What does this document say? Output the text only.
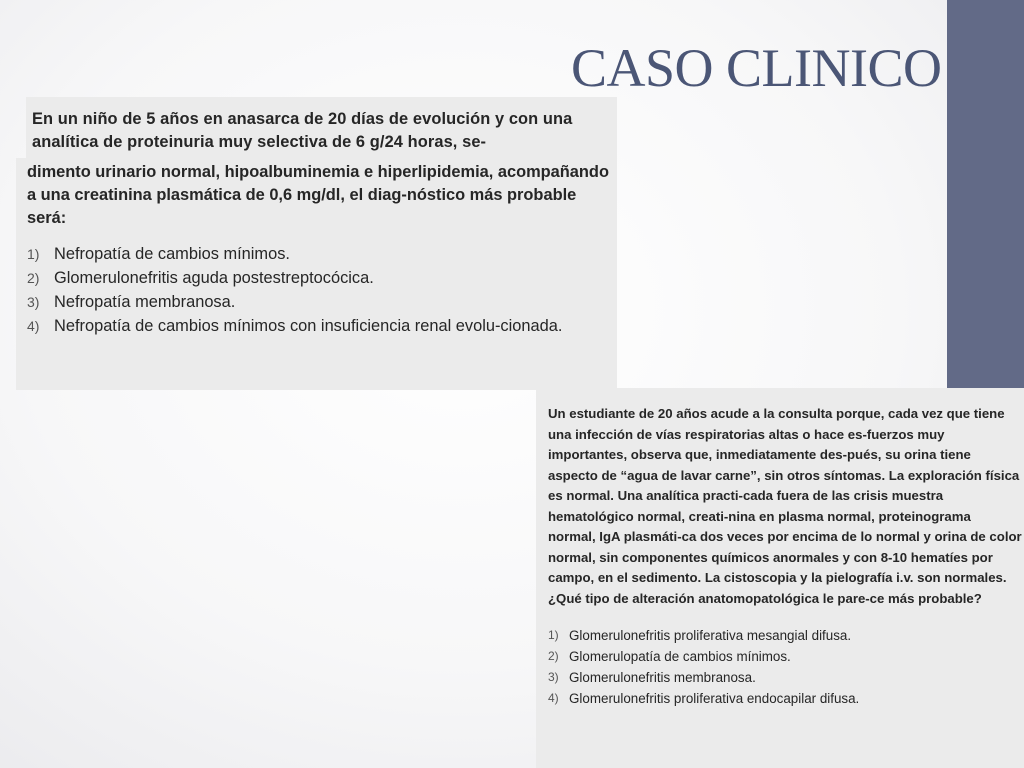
CASO CLINICO
En un niño de 5 años en anasarca de 20 días de evolución y con una analítica de proteinuria muy selectiva de 6 g/24 horas, se-
dimento urinario normal, hipoalbuminemia e hiperlipidemia, acompañando a una creatinina plasmática de 0,6 mg/dl, el diag-nóstico más probable será:
1) Nefropatía de cambios mínimos.
2) Glomerulonefritis aguda postestreptocócica.
3) Nefropatía membranosa.
4) Nefropatía de cambios mínimos con insuficiencia renal evolu-cionada.
Un estudiante de 20 años acude a la consulta porque, cada vez que tiene una infección de vías respiratorias altas o hace es-fuerzos muy importantes, observa que, inmediatamente des-pués, su orina tiene aspecto de “agua de lavar carne”, sin otros síntomas. La exploración física es normal. Una analítica practi-cada fuera de las crisis muestra hematológico normal, creati-nina en plasma normal, proteinograma normal, IgA plasmáti-ca dos veces por encima de lo normal y orina de color normal, sin componentes químicos anormales y con 8-10 hematíes por campo, en el sedimento. La cistoscopia y la pielografía i.v. son normales. ¿Qué tipo de alteración anatomopatológica le pare-ce más probable?
1) Glomerulonefritis proliferativa mesangial difusa.
2) Glomerulopatía de cambios mínimos.
3) Glomerulonefritis membranosa.
4) Glomerulonefritis proliferativa endocapilar difusa.
